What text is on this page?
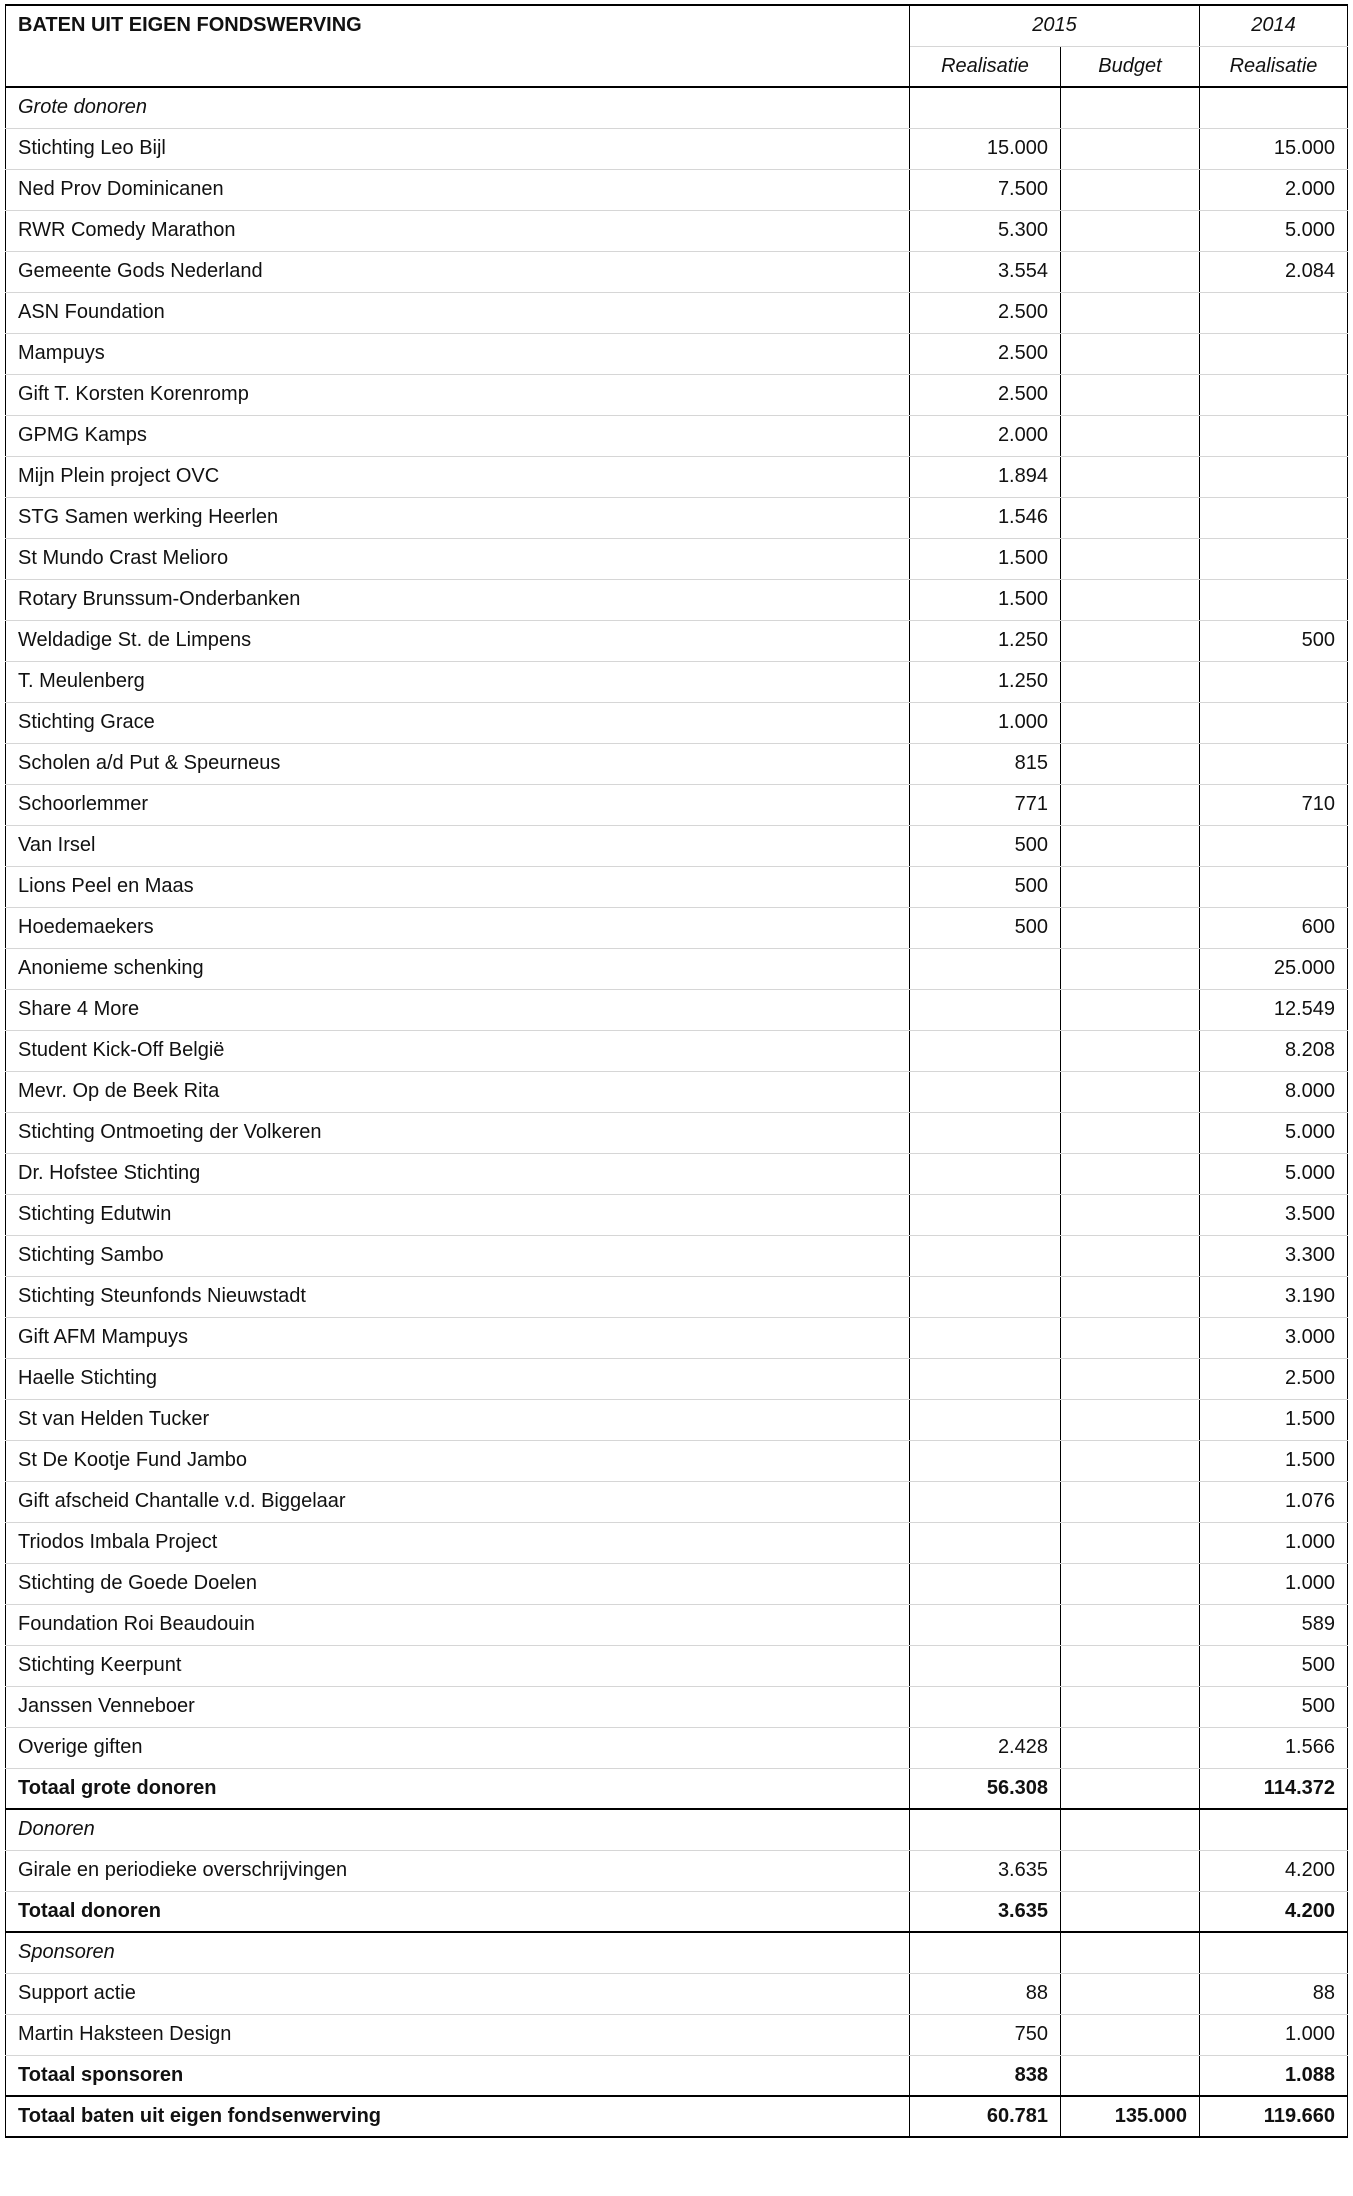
BATEN UIT EIGEN FONDSWERVING	2015		2014
	Realisatie	Budget	Realisatie
Grote donoren			
Stichting Leo Bijl	15.000		15.000
Ned Prov Dominicanen	7.500		2.000
RWR Comedy Marathon	5.300		5.000
Gemeente Gods Nederland	3.554		2.084
ASN Foundation	2.500		
Mampuys	2.500		
Gift T. Korsten Korenromp	2.500		
GPMG Kamps	2.000		
Mijn Plein project OVC	1.894		
STG Samen werking Heerlen	1.546		
St Mundo Crast Melioro	1.500		
Rotary Brunssum-Onderbanken	1.500		
Weldadige St. de Limpens	1.250		500
T. Meulenberg	1.250		
Stichting Grace	1.000		
Scholen a/d Put & Speurneus	815		
Schoorlemmer	771		710
Van Irsel	500		
Lions Peel en Maas	500		
Hoedemaekers	500		600
Anonieme schenking			25.000
Share 4 More			12.549
Student Kick-Off België			8.208
Mevr. Op de Beek Rita			8.000
Stichting Ontmoeting der Volkeren			5.000
Dr. Hofstee Stichting			5.000
Stichting Edutwin			3.500
Stichting Sambo			3.300
Stichting Steunfonds Nieuwstadt			3.190
Gift AFM Mampuys			3.000
Haelle Stichting			2.500
St van Helden Tucker			1.500
St De Kootje Fund Jambo			1.500
Gift afscheid Chantalle v.d. Biggelaar			1.076
Triodos Imbala Project			1.000
Stichting de Goede Doelen			1.000
Foundation Roi Beaudouin			589
Stichting Keerpunt			500
Janssen Venneboer			500
Overige giften	2.428		1.566
Totaal grote donoren	56.308		114.372
Donoren			
Girale en periodieke overschrijvingen	3.635		4.200
Totaal donoren	3.635		4.200
Sponsoren			
Support actie	88		88
Martin Haksteen Design	750		1.000
Totaal sponsoren	838		1.088
Totaal baten uit eigen fondsenwerving	60.781	135.000	119.660
